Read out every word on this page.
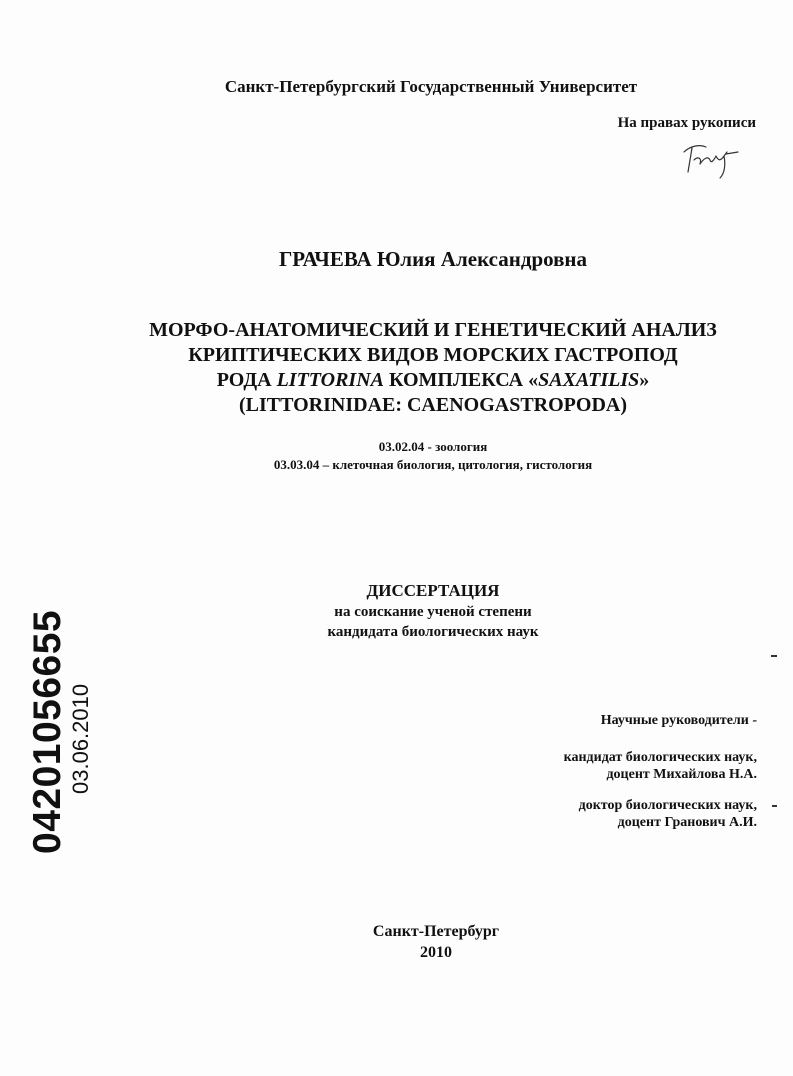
Санкт-Петербургский Государственный Университет
На правах рукописи
ГРАЧЕВА Юлия Александровна
МОРФО-АНАТОМИЧЕСКИЙ И ГЕНЕТИЧЕСКИЙ АНАЛИЗ
КРИПТИЧЕСКИХ ВИДОВ МОРСКИХ ГАСТРОПОД
РОДА LITTORINA КОМПЛЕКСА «SAXATILIS»
(LITTORINIDAE: CAENOGASTROPODA)
03.02.04 - зоология
03.03.04 – клеточная биология, цитология, гистология
ДИССЕРТАЦИЯ
на соискание ученой степени
кандидата биологических наук
Научные руководители -
кандидат биологических наук,
доцент Михайлова Н.А.
доктор биологических наук,
доцент Гранович А.И.
Санкт-Петербург
2010
04201056655 03.06.2010
